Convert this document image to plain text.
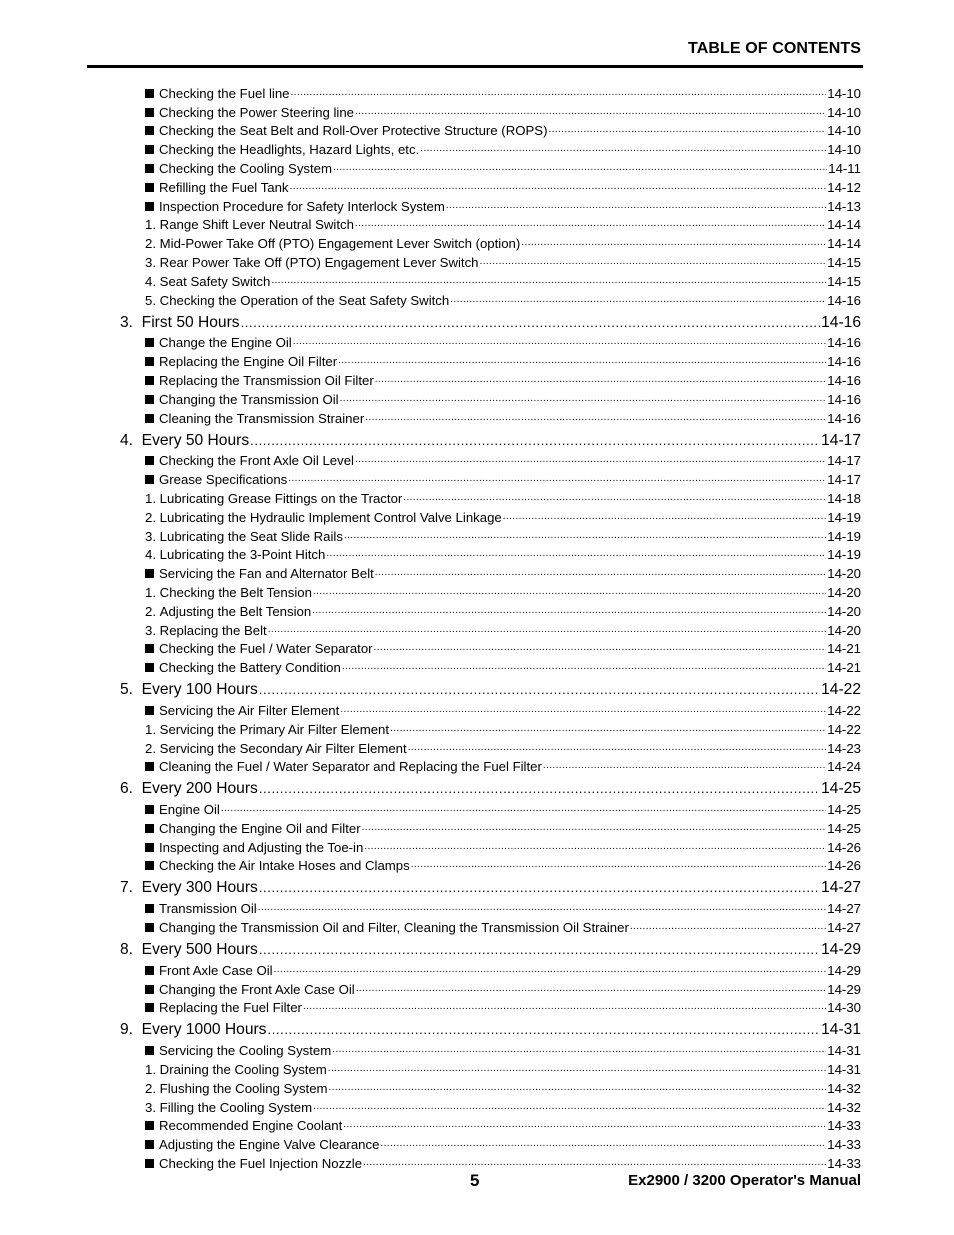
TABLE OF CONTENTS
Checking the Fuel line .....	14-10
Checking the Power Steering line .....	14-10
Checking the Seat Belt and Roll-Over Protective Structure (ROPS) .....	14-10
Checking the Headlights, Hazard Lights, etc. .....	14-10
Checking the Cooling System .....	14-11
Refilling the Fuel Tank .....	14-12
Inspection Procedure for Safety Interlock System .....	14-13
1. Range Shift Lever Neutral Switch .....	14-14
2. Mid-Power Take Off (PTO) Engagement Lever Switch (option) .....	14-14
3. Rear Power Take Off (PTO) Engagement Lever Switch .....	14-15
4. Seat Safety Switch .....	14-15
5. Checking the Operation of the Seat Safety Switch .....	14-16
3. First 50 Hours .....	14-16
Change the Engine Oil .....	14-16
Replacing the Engine Oil Filter .....	14-16
Replacing the Transmission Oil Filter .....	14-16
Changing the Transmission Oil .....	14-16
Cleaning the Transmission Strainer .....	14-16
4. Every 50 Hours .....	14-17
Checking the Front Axle Oil Level .....	14-17
Grease Specifications .....	14-17
1. Lubricating Grease Fittings on the Tractor .....	14-18
2. Lubricating the Hydraulic Implement Control Valve Linkage .....	14-19
3. Lubricating the Seat Slide Rails .....	14-19
4. Lubricating the 3-Point Hitch .....	14-19
Servicing the Fan and Alternator Belt .....	14-20
1. Checking the Belt Tension .....	14-20
2. Adjusting the Belt Tension .....	14-20
3. Replacing the Belt .....	14-20
Checking the Fuel / Water Separator .....	14-21
Checking the Battery Condition .....	14-21
5. Every 100 Hours .....	14-22
Servicing the Air Filter Element .....	14-22
1. Servicing the Primary Air Filter Element .....	14-22
2. Servicing the Secondary Air Filter Element .....	14-23
Cleaning the Fuel / Water Separator and Replacing the Fuel Filter .....	14-24
6. Every 200 Hours .....	14-25
Engine Oil .....	14-25
Changing the Engine Oil and Filter .....	14-25
Inspecting and Adjusting the Toe-in .....	14-26
Checking the Air Intake Hoses and Clamps .....	14-26
7. Every 300 Hours .....	14-27
Transmission Oil .....	14-27
Changing the Transmission Oil and Filter, Cleaning the Transmission Oil Strainer .....	14-27
8. Every 500 Hours .....	14-29
Front Axle Case Oil .....	14-29
Changing the Front Axle Case Oil .....	14-29
Replacing the Fuel Filter .....	14-30
9. Every 1000 Hours .....	14-31
Servicing the Cooling System .....	14-31
1. Draining the Cooling System .....	14-31
2. Flushing the Cooling System .....	14-32
3. Filling the Cooling System .....	14-32
Recommended Engine Coolant .....	14-33
Adjusting the Engine Valve Clearance .....	14-33
Checking the Fuel Injection Nozzle .....	14-33
5	Ex2900 / 3200 Operator's Manual
